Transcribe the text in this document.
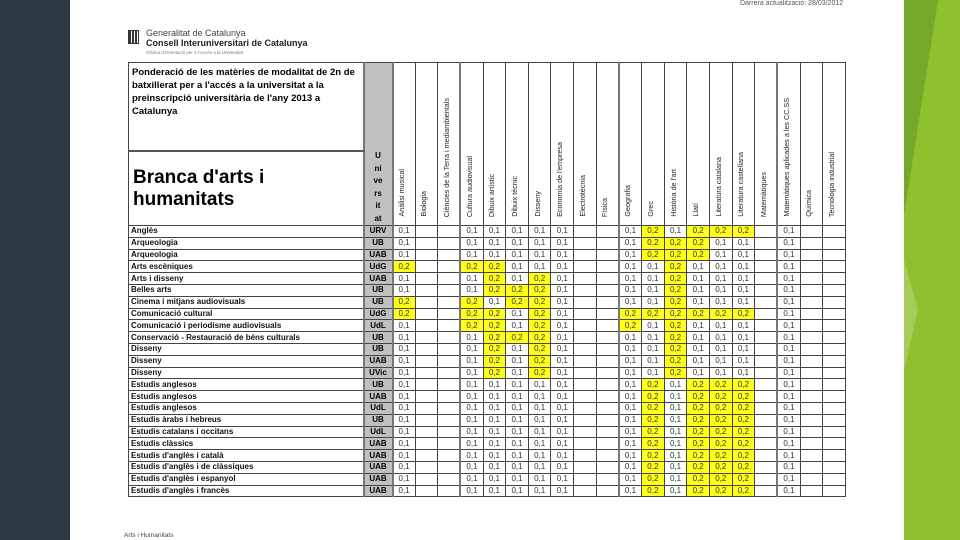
Darrera actualització: 28/03/2012
Generalitat de Catalunya
Consell Interuniversitari de Catalunya
Oficina d'Orientació per a l'Accés a la Universitat
Ponderació de les matèries de modalitat de 2n de batxillerat per a l'accés a la universitat a la preinscripció universitària de l'any 2013 a Catalunya	Universitat	Anàlisi musical	Biologia	Ciències de la Terra i mediambientals	Cultura audiovisual	Dibuix artístic	Dibuix tècnic	Disseny	Economia de l'empresa	Electrotècnia	Física	Geografia	Grec	Història de l'art	Llatí	Literatura catalana	Literatura castellana	Matemàtiques	Matemàtiques aplicades a les CC.SS	Química	Tecnologia industrial
Branca d'arts i humanitats																					
Anglès	URV	0,1			0,1	0,1	0,1	0,1	0,1			0,1	0,2	0,1	0,2	0,2	0,2		0,1		
Arqueologia	UB	0,1			0,1	0,1	0,1	0,1	0,1			0,1	0,2	0,2	0,2	0,1	0,1		0,1		
Arqueologia	UAB	0,1			0,1	0,1	0,1	0,1	0,1			0,1	0,2	0,2	0,2	0,1	0,1		0,1		
Arts escèniques	UdG	0,2			0,2	0,2	0,1	0,1	0,1			0,1	0,1	0,2	0,1	0,1	0,1		0,1		
Arts i disseny	UAB	0,1			0,1	0,2	0,1	0,2	0,1			0,1	0,1	0,2	0,1	0,1	0,1		0,1		
Belles arts	UB	0,1			0,1	0,2	0,2	0,2	0,1			0,1	0,1	0,2	0,1	0,1	0,1		0,1		
Cinema i mitjans audiovisuals	UB	0,2			0,2	0,1	0,2	0,2	0,1			0,1	0,1	0,2	0,1	0,1	0,1		0,1		
Comunicació cultural	UdG	0,2			0,2	0,2	0,1	0,2	0,1			0,2	0,2	0,2	0,2	0,2	0,2		0,1		
Comunicació i periodisme audiovisuals	UdL	0,1			0,2	0,2	0,1	0,2	0,1			0,2	0,1	0,2	0,1	0,1	0,1		0,1		
Conservació - Restauració de béns culturals	UB	0,1			0,1	0,2	0,2	0,2	0,1			0,1	0,1	0,2	0,1	0,1	0,1		0,1		
Disseny	UB	0,1			0,1	0,2	0,1	0,2	0,1			0,1	0,1	0,2	0,1	0,1	0,1		0,1		
Disseny	UAB	0,1			0,1	0,2	0,1	0,2	0,1			0,1	0,1	0,2	0,1	0,1	0,1		0,1		
Disseny	UVic	0,1			0,1	0,2	0,1	0,2	0,1			0,1	0,1	0,2	0,1	0,1	0,1		0,1		
Estudis anglesos	UB	0,1			0,1	0,1	0,1	0,1	0,1			0,1	0,2	0,1	0,2	0,2	0,2		0,1		
Estudis anglesos	UAB	0,1			0,1	0,1	0,1	0,1	0,1			0,1	0,2	0,1	0,2	0,2	0,2		0,1		
Estudis anglesos	UdL	0,1			0,1	0,1	0,1	0,1	0,1			0,1	0,2	0,1	0,2	0,2	0,2		0,1		
Estudis àrabs i hebreus	UB	0,1			0,1	0,1	0,1	0,1	0,1			0,1	0,2	0,1	0,2	0,2	0,2		0,1		
Estudis catalans i occitans	UdL	0,1			0,1	0,1	0,1	0,1	0,1			0,1	0,2	0,1	0,2	0,2	0,2		0,1		
Estudis clàssics	UAB	0,1			0,1	0,1	0,1	0,1	0,1			0,1	0,2	0,1	0,2	0,2	0,2		0,1		
Estudis d'anglès i català	UAB	0,1			0,1	0,1	0,1	0,1	0,1			0,1	0,2	0,1	0,2	0,2	0,2		0,1		
Estudis d'anglès i de clàssiques	UAB	0,1			0,1	0,1	0,1	0,1	0,1			0,1	0,2	0,1	0,2	0,2	0,2		0,1		
Estudis d'anglès i espanyol	UAB	0,1			0,1	0,1	0,1	0,1	0,1			0,1	0,2	0,1	0,2	0,2	0,2		0,1		
Estudis d'anglès i francès	UAB	0,1			0,1	0,1	0,1	0,1	0,1			0,1	0,2	0,1	0,2	0,2	0,2		0,1		
Arts i Humanitats
